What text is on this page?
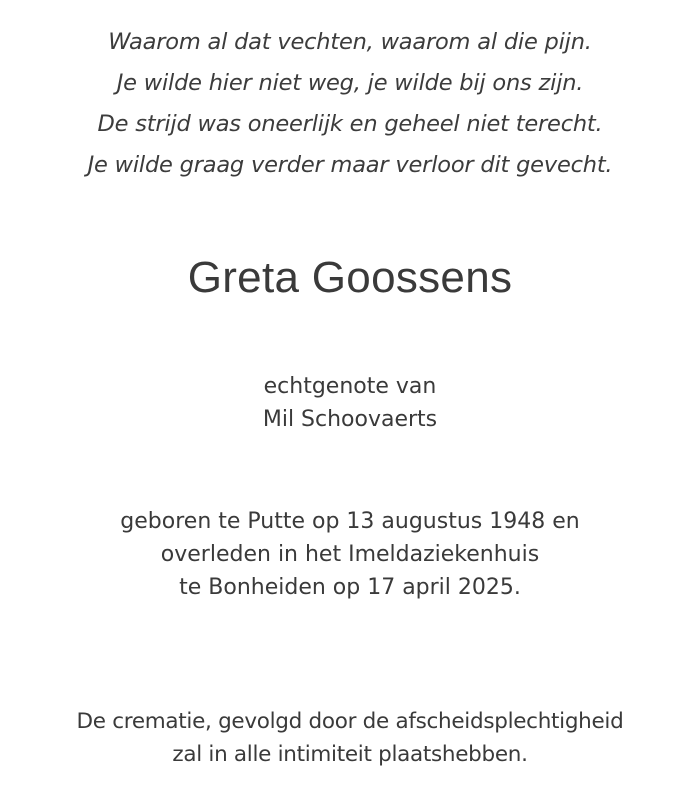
Waarom al dat vechten, waarom al die pijn.
Je wilde hier niet weg, je wilde bij ons zijn.
De strijd was oneerlijk en geheel niet terecht.
Je wilde graag verder maar verloor dit gevecht.
Greta Goossens
echtgenote van
Mil Schoovaerts
geboren te Putte op 13 augustus 1948 en
overleden in het Imeldaziekenhuis
te Bonheiden op 17 april 2025.
De crematie, gevolgd door de afscheidsplechtigheid
zal in alle intimiteit plaatshebben.
